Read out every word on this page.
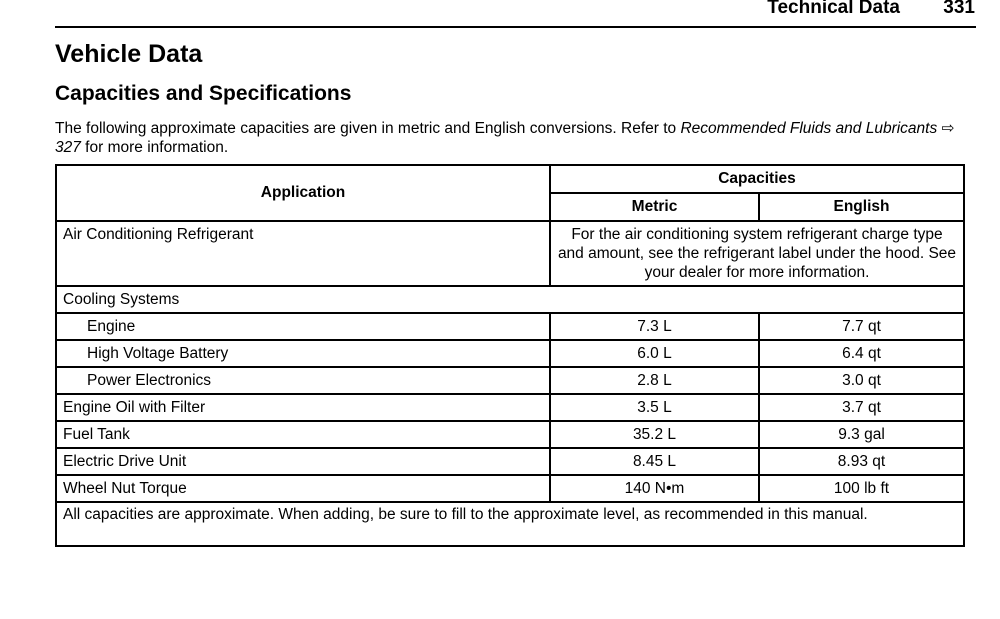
Technical Data 331
Vehicle Data
Capacities and Specifications

The following approximate capacities are given in metric and English conversions. Refer to Recommended Fluids and Lubricants ⇨ 327 for more information.

Application	Capacities	
	Metric	English
Air Conditioning Refrigerant	For the air conditioning system refrigerant charge type and amount, see the refrigerant label under the hood. See your dealer for more information.	
Cooling Systems		
Engine	7.3 L	7.7 qt
High Voltage Battery	6.0 L	6.4 qt
Power Electronics	2.8 L	3.0 qt
Engine Oil with Filter	3.5 L	3.7 qt
Fuel Tank	35.2 L	9.3 gal
Electric Drive Unit	8.45 L	8.93 qt
Wheel Nut Torque	140 N•m	100 lb ft
All capacities are approximate. When adding, be sure to fill to the approximate level, as recommended in this manual.		
